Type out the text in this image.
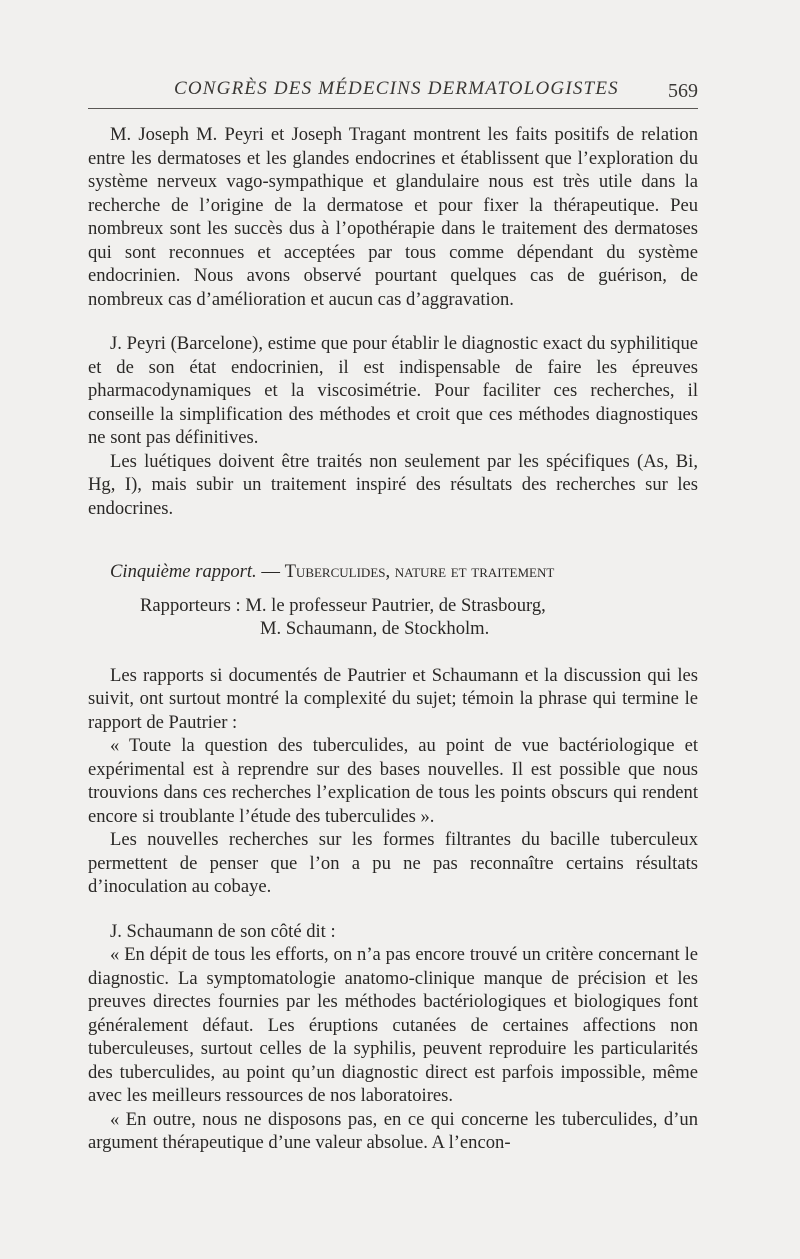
CONGRÈS DES MÉDECINS DERMATOLOGISTES 569

M. Joseph M. Peyri et Joseph Tragant montrent les faits positifs de relation entre les dermatoses et les glandes endocrines et établissent que l’exploration du système nerveux vago-sympathique et glandulaire nous est très utile dans la recherche de l’origine de la dermatose et pour fixer la thérapeutique. Peu nombreux sont les succès dus à l’opothérapie dans le traitement des dermatoses qui sont reconnues et acceptées par tous comme dépendant du système endocrinien. Nous avons observé pourtant quelques cas de guérison, de nombreux cas d’amélioration et aucun cas d’aggravation.

J. Peyri (Barcelone), estime que pour établir le diagnostic exact du syphilitique et de son état endocrinien, il est indispensable de faire les épreuves pharmacodynamiques et la viscosimétrie. Pour faciliter ces recherches, il conseille la simplification des méthodes et croit que ces méthodes diagnostiques ne sont pas définitives.

Les luétiques doivent être traités non seulement par les spécifiques (As, Bi, Hg, I), mais subir un traitement inspiré des résultats des recherches sur les endocrines.

Cinquième rapport. — Tuberculides, nature et traitement

Rapporteurs : M. le professeur Pautrier, de Strasbourg,
M. Schaumann, de Stockholm.

Les rapports si documentés de Pautrier et Schaumann et la discussion qui les suivit, ont surtout montré la complexité du sujet; témoin la phrase qui termine le rapport de Pautrier :

« Toute la question des tuberculides, au point de vue bactériologique et expérimental est à reprendre sur des bases nouvelles. Il est possible que nous trouvions dans ces recherches l’explication de tous les points obscurs qui rendent encore si troublante l’étude des tuberculides ».

Les nouvelles recherches sur les formes filtrantes du bacille tuberculeux permettent de penser que l’on a pu ne pas reconnaître certains résultats d’inoculation au cobaye.

J. Schaumann de son côté dit :

« En dépit de tous les efforts, on n’a pas encore trouvé un critère concernant le diagnostic. La symptomatologie anatomo-clinique manque de précision et les preuves directes fournies par les méthodes bactériologiques et biologiques font généralement défaut. Les éruptions cutanées de certaines affections non tuberculeuses, surtout celles de la syphilis, peuvent reproduire les particularités des tuberculides, au point qu’un diagnostic direct est parfois impossible, même avec les meilleurs ressources de nos laboratoires.

« En outre, nous ne disposons pas, en ce qui concerne les tuberculides, d’un argument thérapeutique d’une valeur absolue. A l’encon-
